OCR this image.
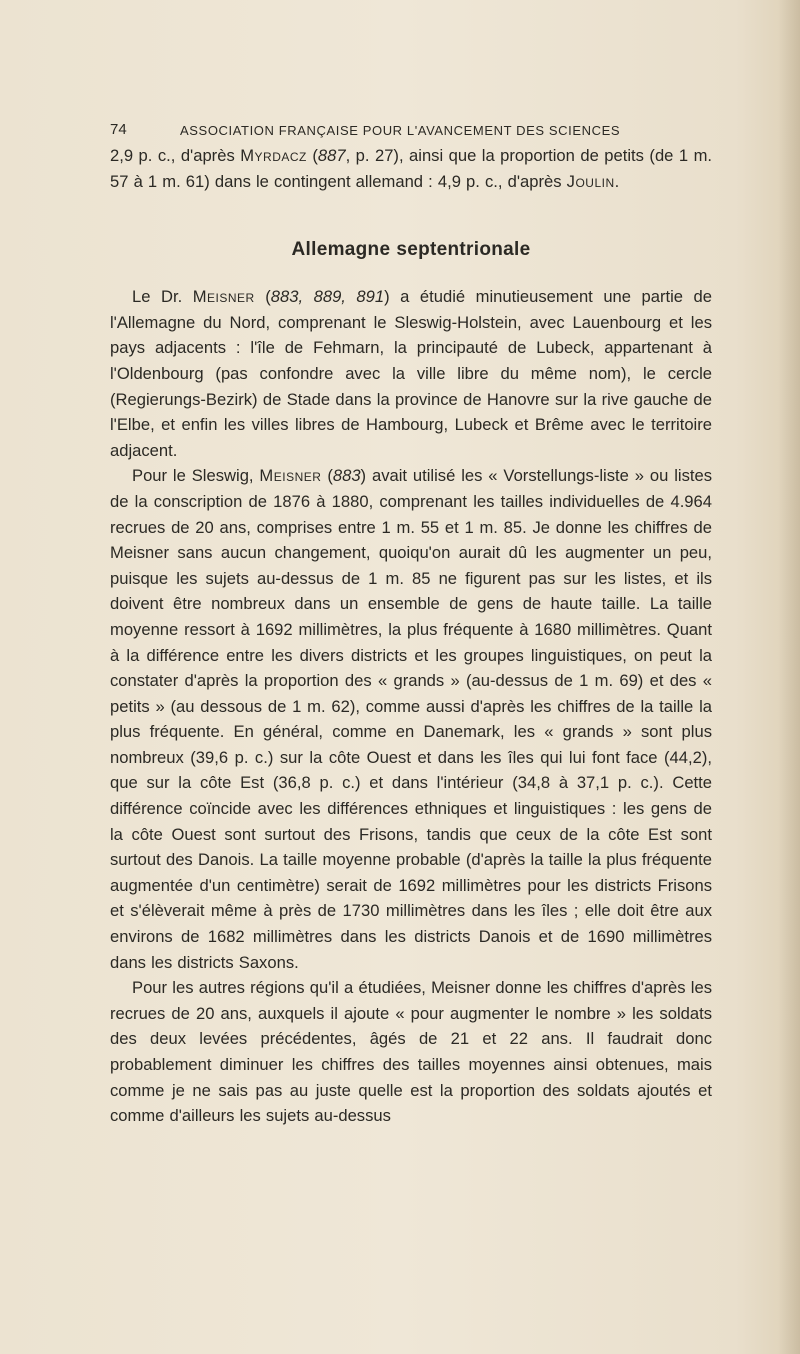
74	ASSOCIATION FRANÇAISE POUR L'AVANCEMENT DES SCIENCES

2,9 p. c., d'après Myrdacz (887, p. 27), ainsi que la proportion de petits (de 1 m. 57 à 1 m. 61) dans le contingent allemand : 4,9 p. c., d'après Joulin.

Allemagne septentrionale

Le Dr. Meisner (883, 889, 891) a étudié minutieusement une partie de l'Allemagne du Nord, comprenant le Sleswig-Holstein, avec Lauenbourg et les pays adjacents : l'île de Fehmarn, la principauté de Lubeck, appartenant à l'Oldenbourg (pas confondre avec la ville libre du même nom), le cercle (Regierungs-Bezirk) de Stade dans la province de Hanovre sur la rive gauche de l'Elbe, et enfin les villes libres de Hambourg, Lubeck et Brême avec le territoire adjacent.

Pour le Sleswig, Meisner (883) avait utilisé les « Vorstellungs-liste » ou listes de la conscription de 1876 à 1880, comprenant les tailles individuelles de 4.964 recrues de 20 ans, comprises entre 1 m. 55 et 1 m. 85. Je donne les chiffres de Meisner sans aucun changement, quoiqu'on aurait dû les augmenter un peu, puisque les sujets au-dessus de 1 m. 85 ne figurent pas sur les listes, et ils doivent être nombreux dans un ensemble de gens de haute taille. La taille moyenne ressort à 1692 millimètres, la plus fréquente à 1680 millimètres. Quant à la différence entre les divers districts et les groupes linguistiques, on peut la constater d'après la proportion des « grands » (au-dessus de 1 m. 69) et des « petits » (au dessous de 1 m. 62), comme aussi d'après les chiffres de la taille la plus fréquente. En général, comme en Danemark, les « grands » sont plus nombreux (39,6 p. c.) sur la côte Ouest et dans les îles qui lui font face (44,2), que sur la côte Est (36,8 p. c.) et dans l'intérieur (34,8 à 37,1 p. c.). Cette différence coïncide avec les différences ethniques et linguistiques : les gens de la côte Ouest sont surtout des Frisons, tandis que ceux de la côte Est sont surtout des Danois. La taille moyenne probable (d'après la taille la plus fréquente augmentée d'un centimètre) serait de 1692 millimètres pour les districts Frisons et s'élèverait même à près de 1730 millimètres dans les îles ; elle doit être aux environs de 1682 millimètres dans les districts Danois et de 1690 millimètres dans les districts Saxons.

Pour les autres régions qu'il a étudiées, Meisner donne les chiffres d'après les recrues de 20 ans, auxquels il ajoute « pour augmenter le nombre » les soldats des deux levées précédentes, âgés de 21 et 22 ans. Il faudrait donc probablement diminuer les chiffres des tailles moyennes ainsi obtenues, mais comme je ne sais pas au juste quelle est la proportion des soldats ajoutés et comme d'ailleurs les sujets au-dessus
